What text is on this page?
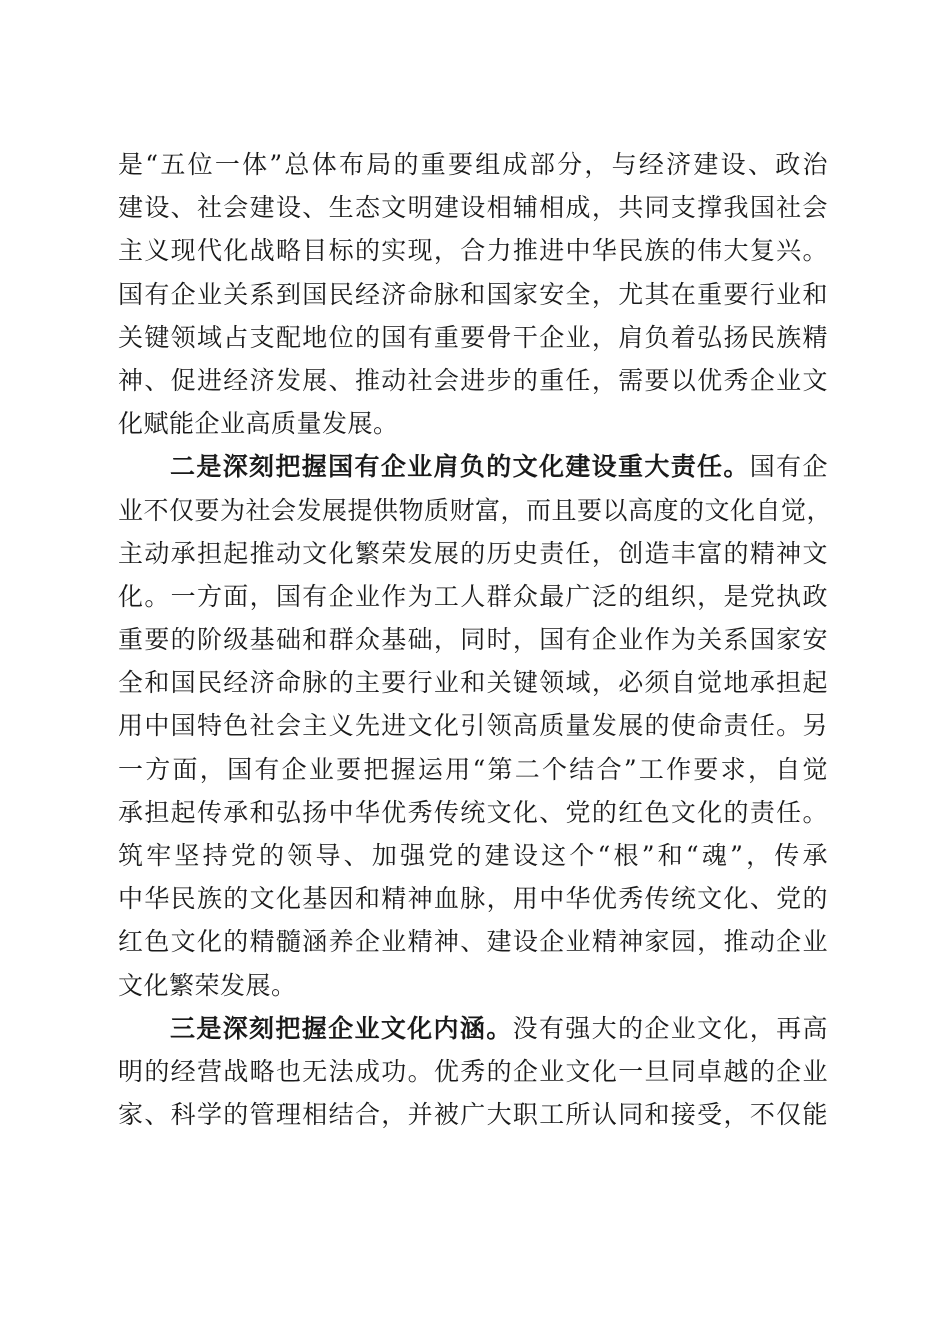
是“五位一体”总体布局的重要组成部分，与经济建设、政治
建设、社会建设、生态文明建设相辅相成，共同支撑我国社会
主义现代化战略目标的实现，合力推进中华民族的伟大复兴。
国有企业关系到国民经济命脉和国家安全，尤其在重要行业和
关键领域占支配地位的国有重要骨干企业，肩负着弘扬民族精
神、促进经济发展、推动社会进步的重任，需要以优秀企业文
化赋能企业高质量发展。
二是深刻把握国有企业肩负的文化建设重大责任。国有企
业不仅要为社会发展提供物质财富，而且要以高度的文化自觉，
主动承担起推动文化繁荣发展的历史责任，创造丰富的精神文
化。一方面，国有企业作为工人群众最广泛的组织，是党执政
重要的阶级基础和群众基础，同时，国有企业作为关系国家安
全和国民经济命脉的主要行业和关键领域，必须自觉地承担起
用中国特色社会主义先进文化引领高质量发展的使命责任。另
一方面，国有企业要把握运用“第二个结合”工作要求，自觉
承担起传承和弘扬中华优秀传统文化、党的红色文化的责任。
筑牢坚持党的领导、加强党的建设这个“根”和“魂”，传承
中华民族的文化基因和精神血脉，用中华优秀传统文化、党的
红色文化的精髓涵养企业精神、建设企业精神家园，推动企业
文化繁荣发展。
三是深刻把握企业文化内涵。没有强大的企业文化，再高
明的经营战略也无法成功。优秀的企业文化一旦同卓越的企业
家、科学的管理相结合，并被广大职工所认同和接受，不仅能
